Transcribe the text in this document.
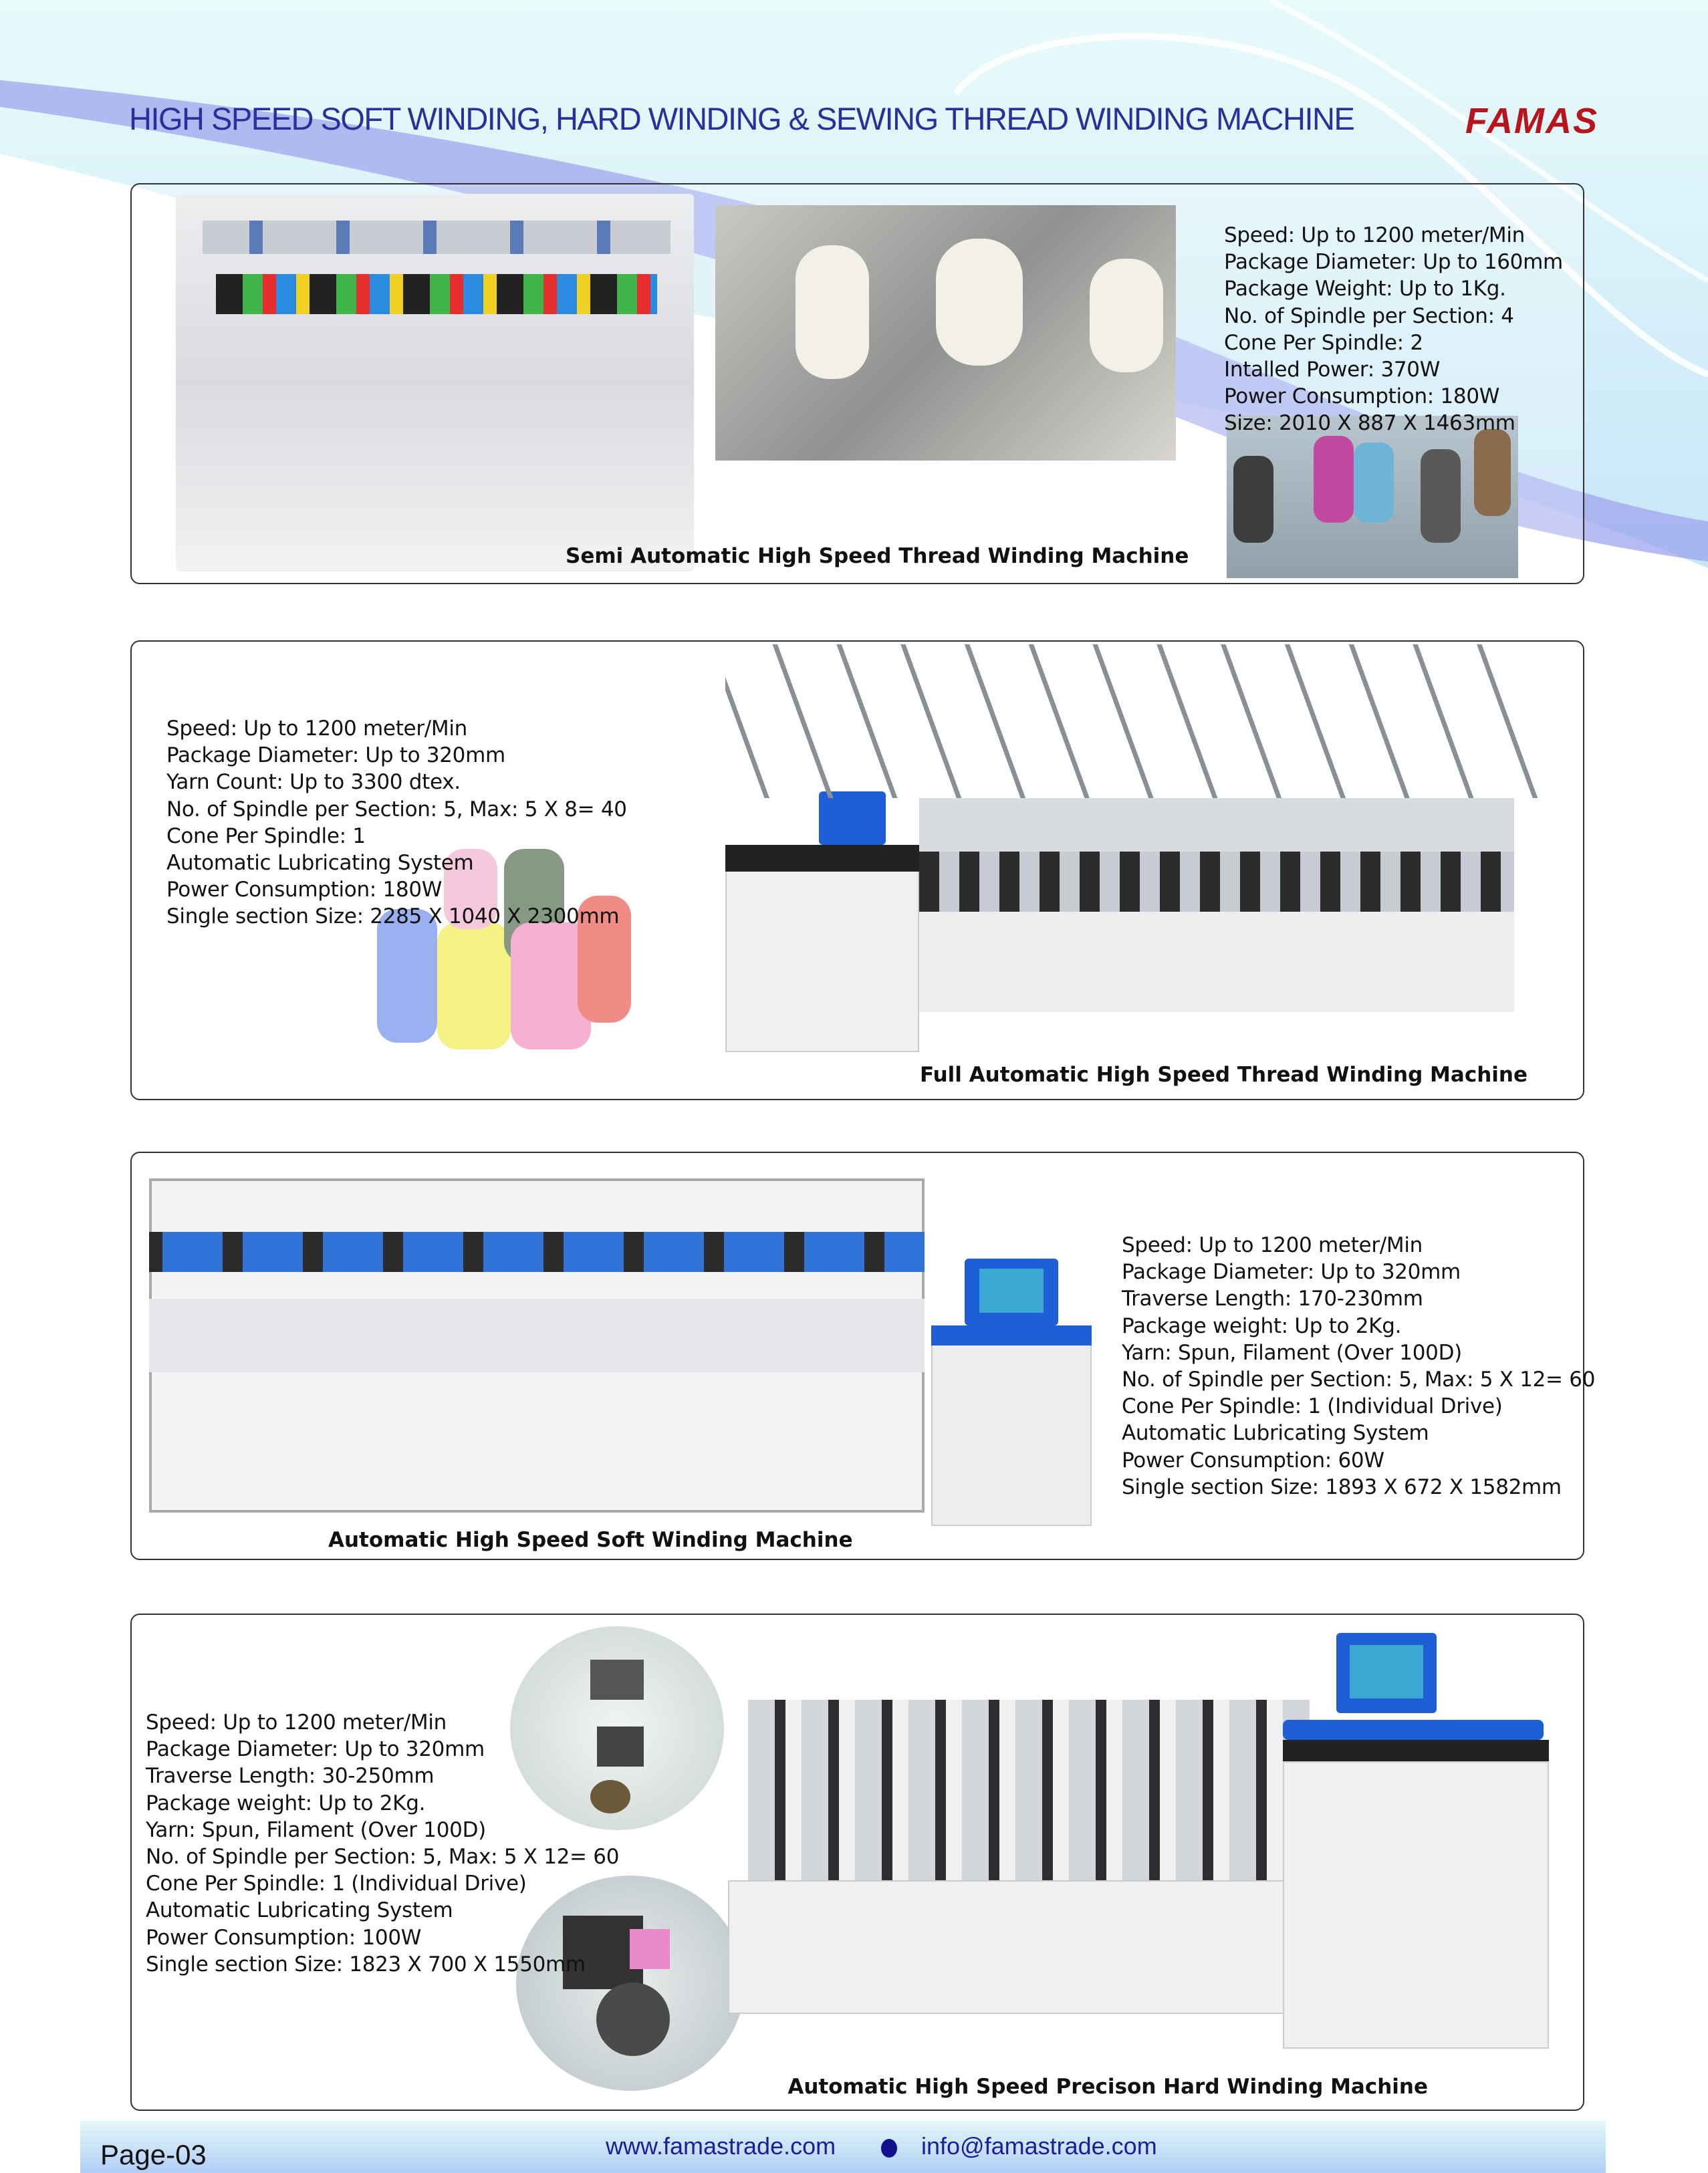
HIGH SPEED SOFT WINDING, HARD WINDING & SEWING THREAD WINDING MACHINE	FAMAS
Speed: Up to 1200 meter/Min
Package Diameter: Up to 160mm
Package Weight: Up to 1Kg.
No. of Spindle per Section: 4
Cone Per Spindle: 2
Intalled Power: 370W
Power Consumption: 180W
Size: 2010 X 887 X 1463mm
Semi Automatic High Speed Thread Winding Machine
Speed: Up to 1200 meter/Min
Package Diameter: Up to 320mm
Yarn Count: Up to 3300 dtex.
No. of Spindle per Section: 5, Max: 5 X 8= 40
Cone Per Spindle: 1
Automatic Lubricating System
Power Consumption: 180W
Single section Size: 2285 X 1040 X 2300mm
Full Automatic High Speed Thread Winding Machine
Speed: Up to 1200 meter/Min
Package Diameter: Up to 320mm
Traverse Length: 170-230mm
Package weight: Up to 2Kg.
Yarn: Spun, Filament (Over 100D)
No. of Spindle per Section: 5, Max: 5 X 12= 60
Cone Per Spindle: 1 (Individual Drive)
Automatic Lubricating System
Power Consumption: 60W
Single section Size: 1893 X 672 X 1582mm
Automatic High Speed Soft Winding Machine
Speed: Up to 1200 meter/Min
Package Diameter: Up to 320mm
Traverse Length: 30-250mm
Package weight: Up to 2Kg.
Yarn: Spun, Filament (Over 100D)
No. of Spindle per Section: 5, Max: 5 X 12= 60
Cone Per Spindle: 1 (Individual Drive)
Automatic Lubricating System
Power Consumption: 100W
Single section Size: 1823 X 700 X 1550mm
Automatic High Speed Precison Hard Winding Machine
Page-03	www.famastrade.com	info@famastrade.com
